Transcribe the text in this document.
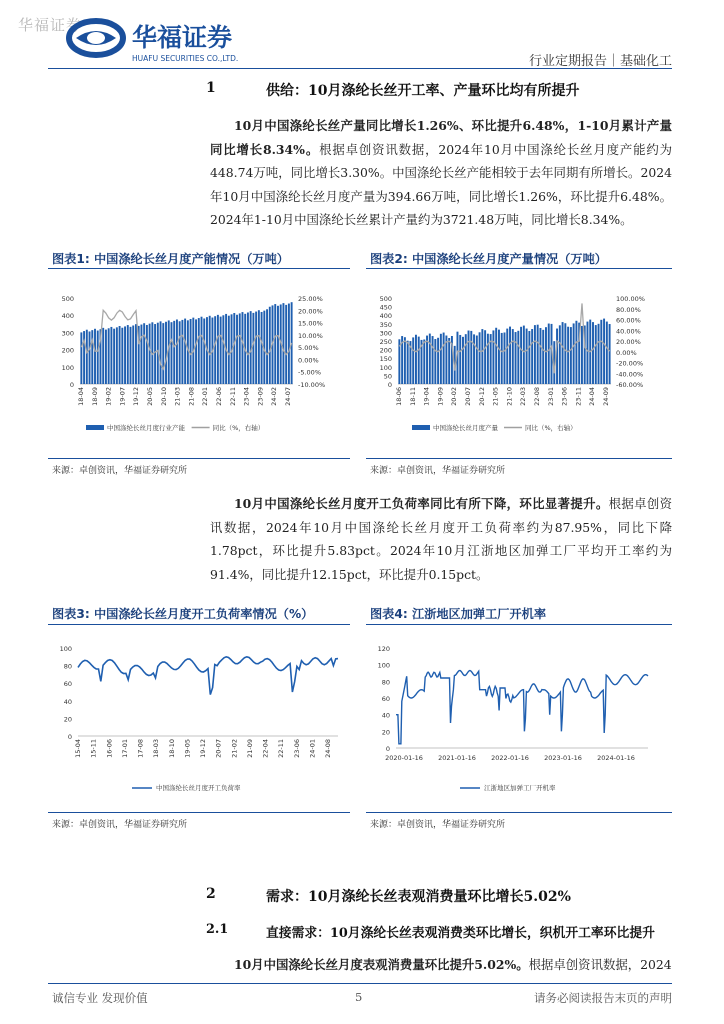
华福证券 华福证券
HUAFU SECURITIES CO.,LTD.	行业定期报告｜基础化工
1	供给：10月涤纶长丝开工率、产量环比均有所提升
10月中国涤纶长丝产量同比增长1.26%、环比提升6.48%，1-10月累计产量同比增长8.34%。根据卓创资讯数据，2024年10月中国涤纶长丝月度产能约为448.74万吨，同比增长3.30%。中国涤纶长丝产能相较于去年同期有所增长。2024年10月中国涤纶长丝月度产量为394.66万吨，同比增长1.26%，环比提升6.48%。2024年1-10月中国涤纶长丝累计产量约为3721.48万吨，同比增长8.34%。
图表1: 中国涤纶长丝月度产能情况（万吨）
500
400
300
200
100
0
25.00%
20.00%
15.00%
10.00%
5.00%
0.00%
-5.00%
-10.00%
18-04 18-09 19-02 19-07 19-12 20-05 20-10 21-03 21-08 22-01 22-06 22-11 23-04 23-09 24-02 24-07
中国涤纶长丝月度行业产能	同比（%，右轴）
来源：卓创资讯，华福证券研究所
图表2: 中国涤纶长丝月度产量情况（万吨）
500
450
400
350
300
250
200
150
100
50
0
100.00%
80.00%
60.00%
40.00%
20.00%
0.00%
-20.00%
-40.00%
-60.00%
18-06 18-11 19-04 19-09 20-02 20-07 20-12 21-05 21-10 22-03 22-08 23-01 23-06 23-11 24-04 24-09
中国涤纶长丝月度产量	同比（%，右轴）
来源：卓创资讯，华福证券研究所
10月中国涤纶长丝月度开工负荷率同比有所下降，环比显著提升。根据卓创资讯数据，2024年10月中国涤纶长丝月度开工负荷率约为87.95%，同比下降1.78pct，环比提升5.83pct。2024年10月江浙地区加弹工厂平均开工率约为91.4%，同比提升12.15pct，环比提升0.15pct。
图表3: 中国涤纶长丝月度开工负荷率情况（%）
100
80
60
40
20
0
15-04 15-11 16-06 17-01 17-08 18-03 18-10 19-05 19-12 20-07 21-02 21-09 22-04 22-11 23-06 24-01 24-08
中国涤纶长丝月度开工负荷率
来源：卓创资讯，华福证券研究所
图表4: 江浙地区加弹工厂开机率
120
100
80
60
40
20
0
2020-01-16 2021-01-16 2022-01-16 2023-01-16 2024-01-16
江浙地区加弹工厂开机率
来源：卓创资讯，华福证券研究所
2	需求：10月涤纶长丝表观消费量环比增长5.02%
2.1	直接需求：10月涤纶长丝表观消费类环比增长，织机开工率环比提升
10月中国涤纶长丝月度表观消费量环比提升5.02%。根据卓创资讯数据，2024
诚信专业 发现价值	5	请务必阅读报告末页的声明
